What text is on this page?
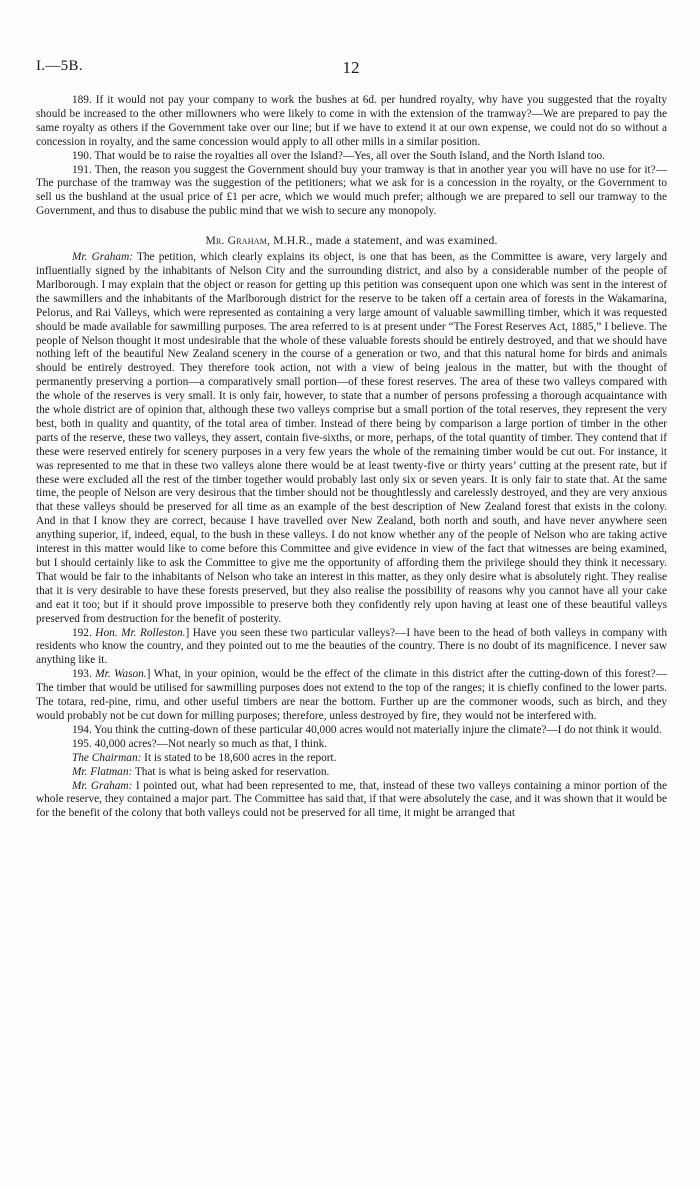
I.—5B.	12

189. If it would not pay your company to work the bushes at 6d. per hundred royalty, why have you suggested that the royalty should be increased to the other millowners who were likely to come in with the extension of the tramway?—We are prepared to pay the same royalty as others if the Government take over our line; but if we have to extend it at our own expense, we could not do so without a concession in royalty, and the same concession would apply to all other mills in a similar position.

190. That would be to raise the royalties all over the Island?—Yes, all over the South Island, and the North Island too.

191. Then, the reason you suggest the Government should buy your tramway is that in another year you will have no use for it?—The purchase of the tramway was the suggestion of the petitioners; what we ask for is a concession in the royalty, or the Government to sell us the bushland at the usual price of £1 per acre, which we would much prefer; although we are prepared to sell our tramway to the Government, and thus to disabuse the public mind that we wish to secure any monopoly.

Mr. Graham, M.H.R., made a statement, and was examined.

Mr. Graham: The petition, which clearly explains its object, is one that has been, as the Committee is aware, very largely and influentially signed by the inhabitants of Nelson City and the surrounding district, and also by a considerable number of the people of Marlborough. I may explain that the object or reason for getting up this petition was consequent upon one which was sent in the interest of the sawmillers and the inhabitants of the Marlborough district for the reserve to be taken off a certain area of forests in the Wakamarina, Pelorus, and Rai Valleys, which were represented as containing a very large amount of valuable sawmilling timber, which it was requested should be made available for sawmilling purposes. The area referred to is at present under “The Forest Reserves Act, 1885,” I believe. The people of Nelson thought it most undesirable that the whole of these valuable forests should be entirely destroyed, and that we should have nothing left of the beautiful New Zealand scenery in the course of a generation or two, and that this natural home for birds and animals should be entirely destroyed. They therefore took action, not with a view of being jealous in the matter, but with the thought of permanently preserving a portion—a comparatively small portion—of these forest reserves. The area of these two valleys compared with the whole of the reserves is very small. It is only fair, however, to state that a number of persons professing a thorough acquaintance with the whole district are of opinion that, although these two valleys comprise but a small portion of the total reserves, they represent the very best, both in quality and quantity, of the total area of timber. Instead of there being by comparison a large portion of timber in the other parts of the reserve, these two valleys, they assert, contain five-sixths, or more, perhaps, of the total quantity of timber. They contend that if these were reserved entirely for scenery purposes in a very few years the whole of the remaining timber would be cut out. For instance, it was represented to me that in these two valleys alone there would be at least twenty-five or thirty years’ cutting at the present rate, but if these were excluded all the rest of the timber together would probably last only six or seven years. It is only fair to state that. At the same time, the people of Nelson are very desirous that the timber should not be thoughtlessly and carelessly destroyed, and they are very anxious that these valleys should be preserved for all time as an example of the best description of New Zealand forest that exists in the colony. And in that I know they are correct, because I have travelled over New Zealand, both north and south, and have never anywhere seen anything superior, if, indeed, equal, to the bush in these valleys. I do not know whether any of the people of Nelson who are taking active interest in this matter would like to come before this Committee and give evidence in view of the fact that witnesses are being examined, but I should certainly like to ask the Committee to give me the opportunity of affording them the privilege should they think it necessary. That would be fair to the inhabitants of Nelson who take an interest in this matter, as they only desire what is absolutely right. They realise that it is very desirable to have these forests preserved, but they also realise the possibility of reasons why you cannot have all your cake and eat it too; but if it should prove impossible to preserve both they confidently rely upon having at least one of these beautiful valleys preserved from destruction for the benefit of posterity.

192. Hon. Mr. Rolleston.] Have you seen these two particular valleys?—I have been to the head of both valleys in company with residents who know the country, and they pointed out to me the beauties of the country. There is no doubt of its magnificence. I never saw anything like it.

193. Mr. Wason.] What, in your opinion, would be the effect of the climate in this district after the cutting-down of this forest?—The timber that would be utilised for sawmilling purposes does not extend to the top of the ranges; it is chiefly confined to the lower parts. The totara, red-pine, rimu, and other useful timbers are near the bottom. Further up are the commoner woods, such as birch, and they would probably not be cut down for milling purposes; therefore, unless destroyed by fire, they would not be interfered with.

194. You think the cutting-down of these particular 40,000 acres would not materially injure the climate?—I do not think it would.

195. 40,000 acres?—Not nearly so much as that, I think.

The Chairman: It is stated to be 18,600 acres in the report.

Mr. Flatman: That is what is being asked for reservation.

Mr. Graham: I pointed out, what had been represented to me, that, instead of these two valleys containing a minor portion of the whole reserve, they contained a major part. The Committee has said that, if that were absolutely the case, and it was shown that it would be for the benefit of the colony that both valleys could not be preserved for all time, it might be arranged that
